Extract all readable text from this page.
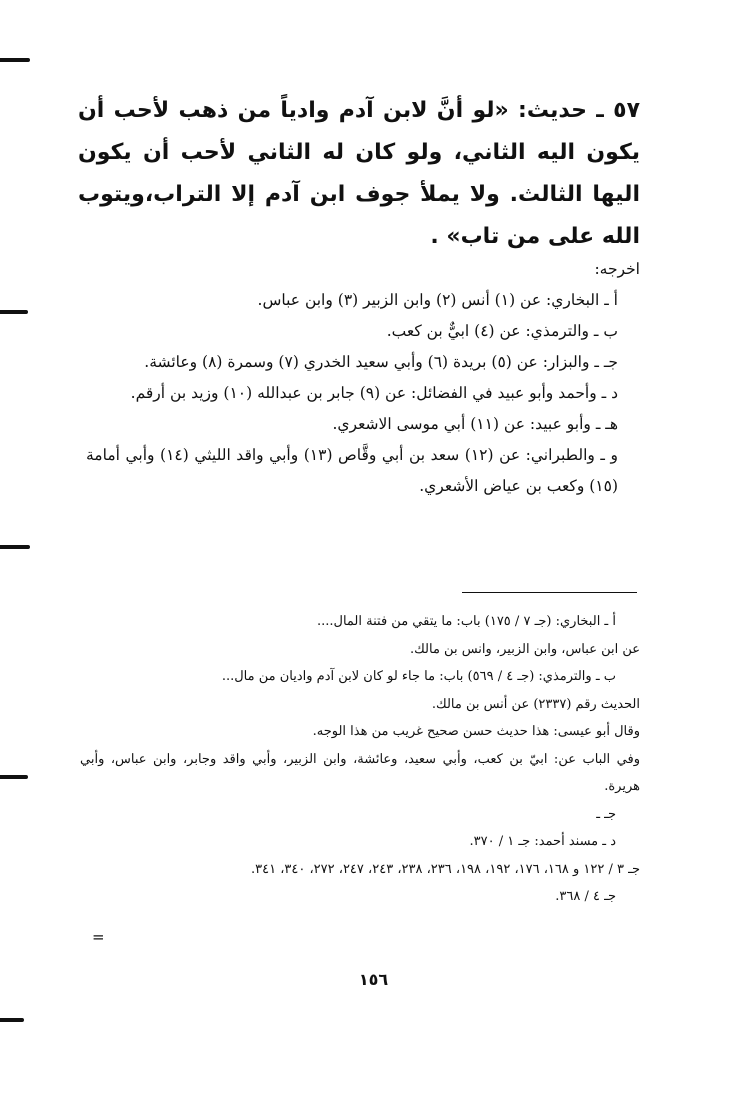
٥٧ ـ حديث: «لو أنَّ لابن آدم وادياً من ذهب لأحب أن يكون اليه الثاني، ولو كان له الثاني لأحب أن يكون اليها الثالث. ولا يملأ جوف ابن آدم إلا التراب،ويتوب الله على من تاب» .

اخرجه:

أ ـ البخاري: عن (١) أنس (٢) وابن الزبير (٣) وابن عباس.

ب ـ والترمذي: عن (٤) ابيٌّ بن كعب.

جـ ـ والبزار: عن (٥) بريدة (٦) وأبي سعيد الخدري (٧) وسمرة (٨) وعائشة.

د ـ وأحمد وأبو عبيد في الفضائل: عن (٩) جابر بن عبدالله (١٠) وزيد بن أرقم.

هـ ـ وأبو عبيد: عن (١١) أبي موسى الاشعري.

و ـ والطبراني: عن (١٢) سعد بن أبي وقَّاص (١٣) وأبي واقد الليثي (١٤) وأبي أمامة (١٥) وكعب بن عياض الأشعري.

أ ـ البخاري: (جـ ٧ / ١٧٥) باب: ما يتقي من فتنة المال....

عن ابن عباس، وابن الزبير، وانس بن مالك.

ب ـ والترمذي: (جـ ٤ / ٥٦٩) باب: ما جاء لو كان لابن آدم واديان من مال...

الحديث رقم (٢٣٣٧) عن أنس بن مالك.

وقال أبو عيسى: هذا حديث حسن صحيح غريب من هذا الوجه.

وفي الباب عن: ابيّ بن كعب، وأبي سعيد، وعائشة، وابن الزبير، وأبي واقد وجابر، وابن عباس، وأبي هريرة.

جـ ـ

د ـ مسند أحمد: جـ ١ / ٣٧٠.

جـ ٣ / ١٢٢ و ١٦٨، ١٧٦، ١٩٢، ١٩٨، ٢٣٦، ٢٣٨، ٢٤٣، ٢٤٧، ٢٧٢، ٣٤٠، ٣٤١.

جـ ٤ / ٣٦٨.

=
١٥٦
